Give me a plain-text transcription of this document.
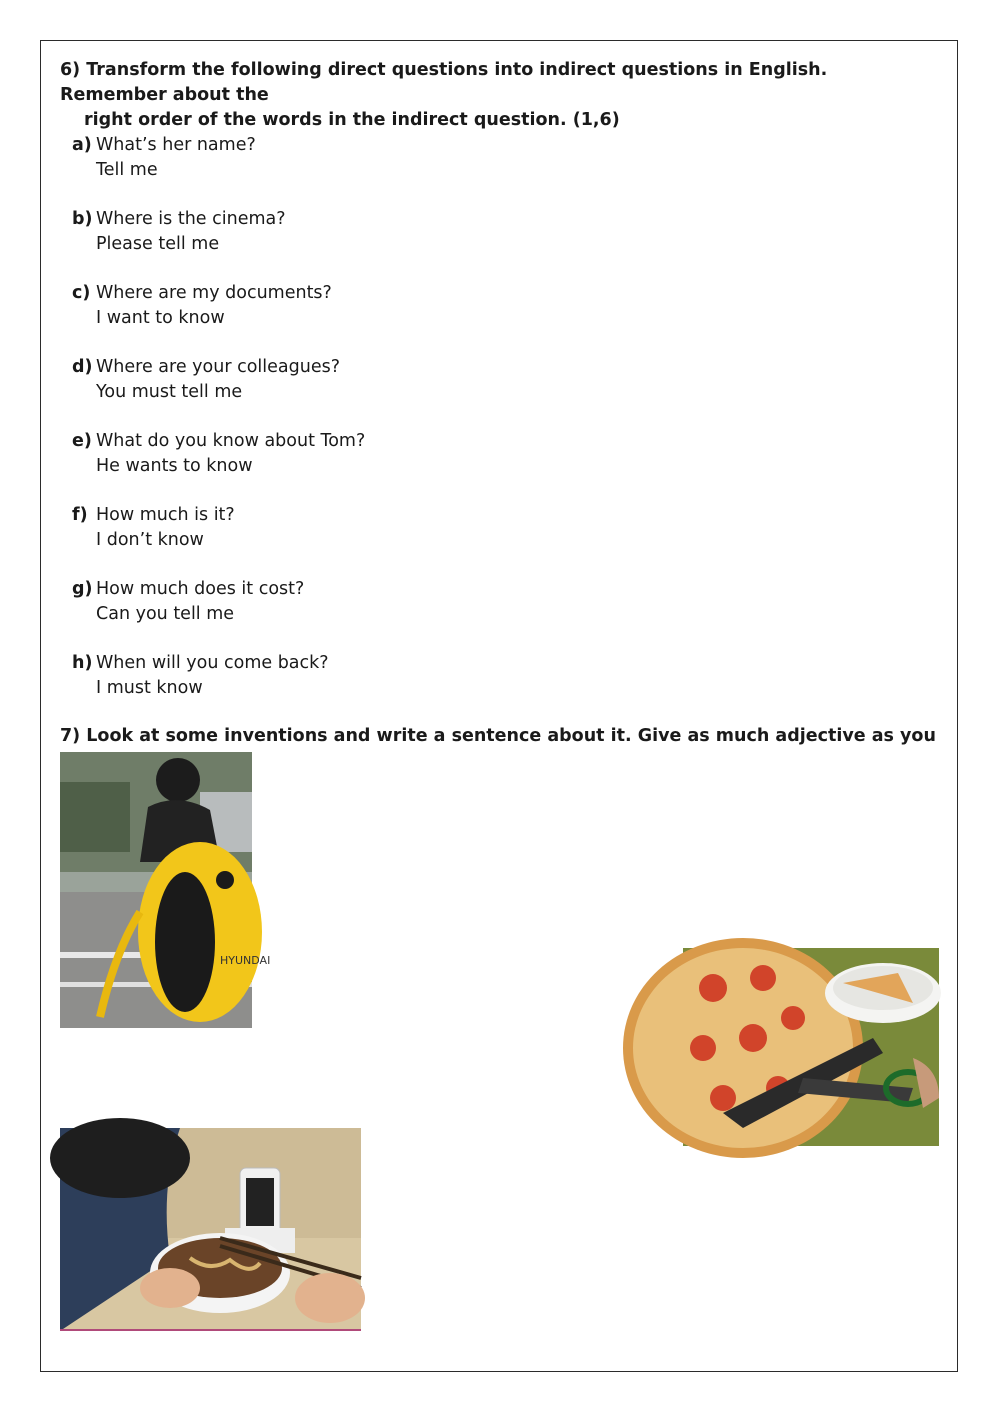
6) Transform the following direct questions into indirect questions in English. Remember about the
right order of the words in the indirect question. (1,6)
a) What’s her name?
Tell me
b) Where is the cinema?
Please tell me
c) Where are my documents?
I want to know
d) Where are your colleagues?
You must tell me
e) What do you know about Tom?
He wants to know
f) How much is it?
I don’t know
g) How much does it cost?
Can you tell me
h) When will you come back?
I must know
7) Look at some inventions and write a sentence about it. Give as much adjective as you
HYUNDAI
